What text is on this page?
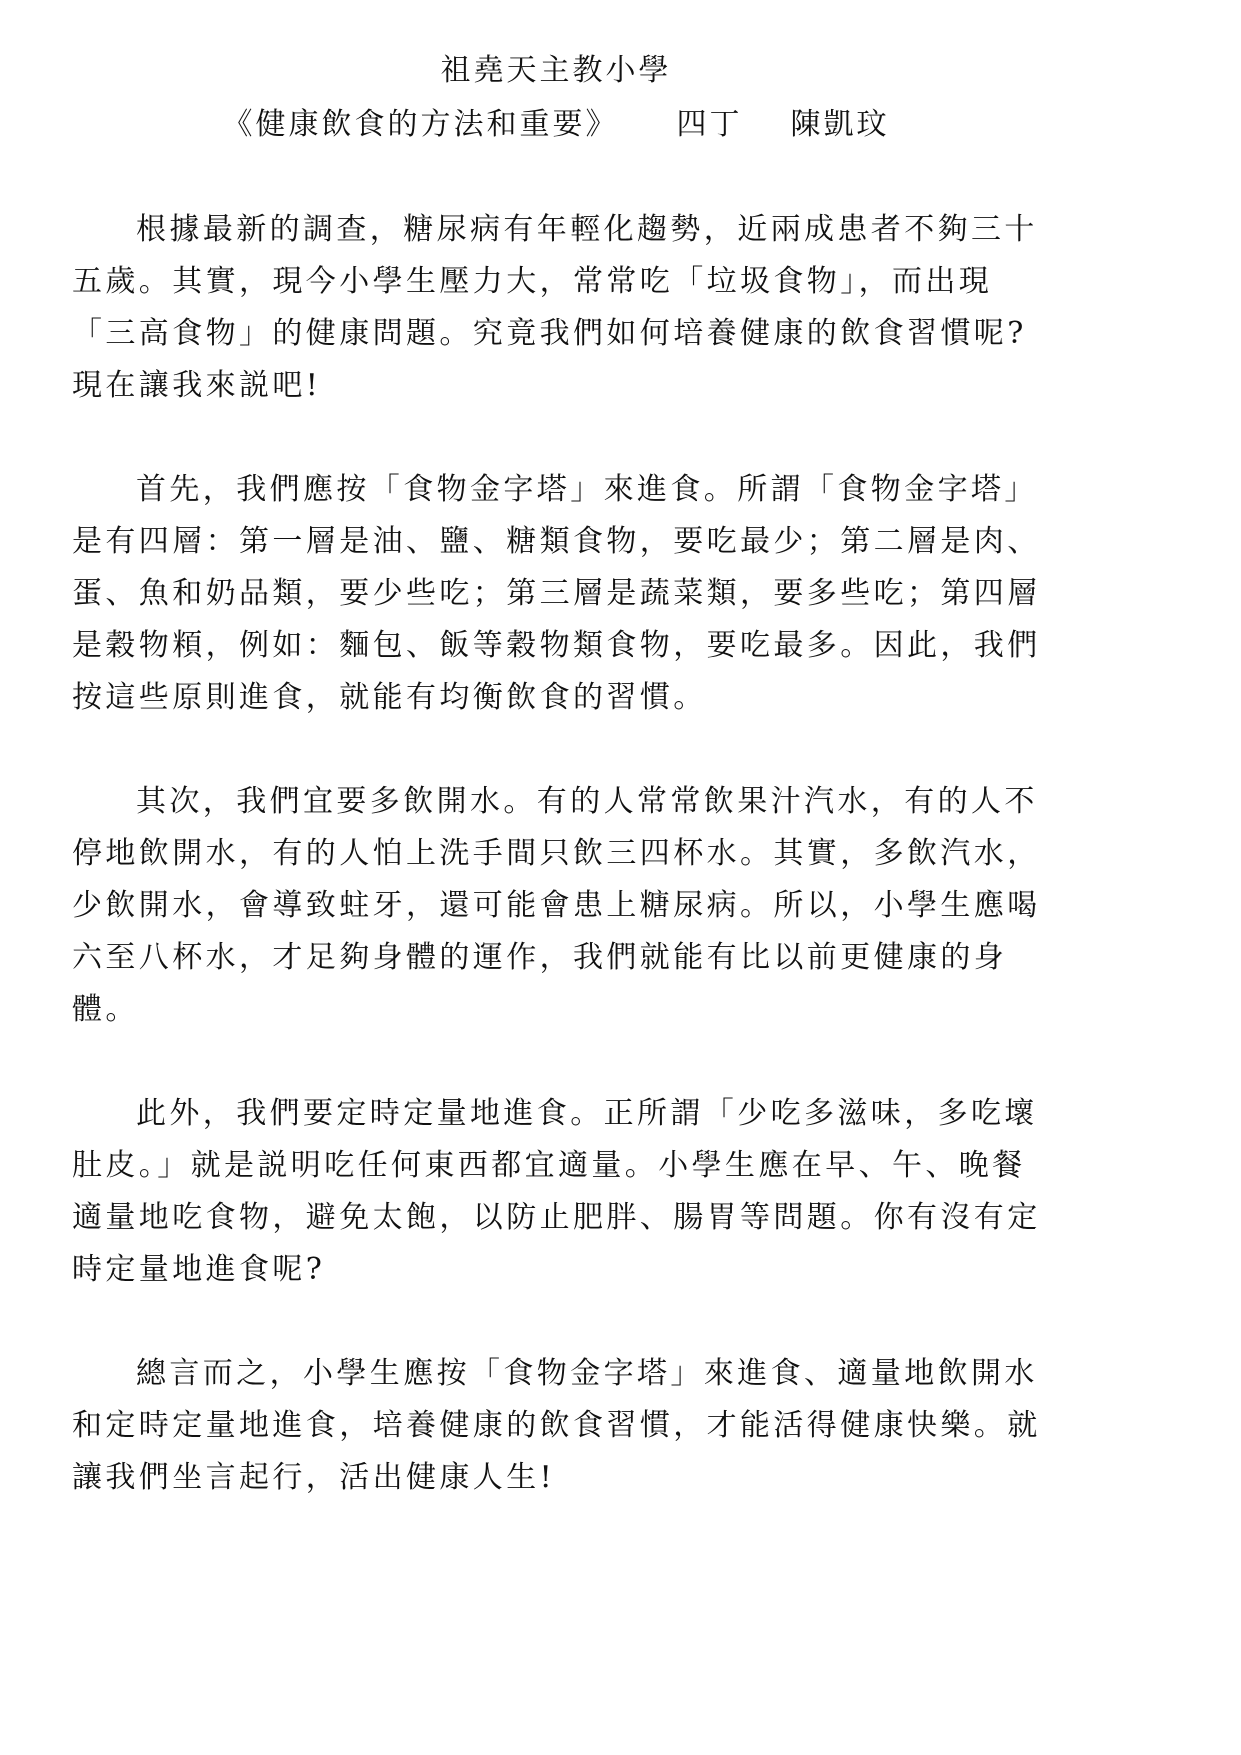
祖堯天主教小學
《健康飲食的方法和重要》 四丁 陳凱玟
根據最新的調查，糖尿病有年輕化趨勢，近兩成患者不夠三十
五歲。其實，現今小學生壓力大，常常吃「垃圾食物」，而出現
「三高食物」的健康問題。究竟我們如何培養健康的飲食習慣呢?
現在讓我來説吧!
首先，我們應按「食物金字塔」來進食。所謂「食物金字塔」
是有四層：第一層是油、鹽、糖類食物，要吃最少；第二層是肉、
蛋、魚和奶品類，要少些吃；第三層是蔬菜類，要多些吃；第四層
是穀物頪，例如：麵包、飯等穀物類食物，要吃最多。因此，我們
按這些原則進食，就能有均衡飲食的習慣。
其次，我們宜要多飲開水。有的人常常飲果汁汽水，有的人不
停地飲開水，有的人怕上洗手間只飲三四杯水。其實，多飲汽水，
少飲開水，會導致蛀牙，還可能會患上糖尿病。所以，小學生應喝
六至八杯水，才足夠身體的運作，我們就能有比以前更健康的身
體。
此外，我們要定時定量地進食。正所謂「少吃多滋味，多吃壞
肚皮。」就是説明吃任何東西都宜適量。小學生應在早、午、晚餐
適量地吃食物，避免太飽，以防止肥胖、腸胃等問題。你有沒有定
時定量地進食呢?
總言而之，小學生應按「食物金字塔」來進食、適量地飲開水
和定時定量地進食，培養健康的飲食習慣，才能活得健康快樂。就
讓我們坐言起行，活出健康人生!
